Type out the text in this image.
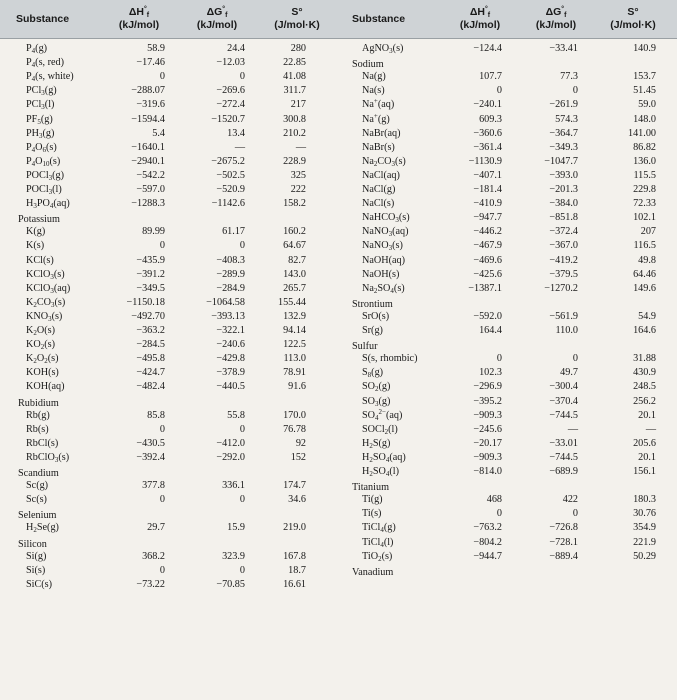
Substance
$\Delta H^\circ_f$
(kJ/mol)
$\Delta G^\circ_f$
(kJ/mol)
S°
(J/mol·K)
Substance
$\Delta H^\circ_f$
(kJ/mol)
$\Delta G^\circ_f$
(kJ/mol)
S°
(J/mol·K)
$P_4(g)$	58.9	24.4	280
$P_4(s$, red)	−17.46	−12.03	22.85
$P_4(s$, white)	0	0	41.08
PCl$_3$(g)	−288.07	−269.6	311.7
PCl$_3$(l)	−319.6	−272.4	217
$PF_5(g)$	−1594.4	−1520.7	300.8
$PH_3(g)$	5.4	13.4	210.2
$P_4O_6(s)$	−1640.1	—	—
$P_4O_{10}(s)$	−2940.1	−2675.2	228.9
POCl$_3$(g)	−542.2	−502.5	325
POCl$_3$(l)	−597.0	−520.9	222
$H_3PO_4(aq)$	−1288.3	−1142.6	158.2
Potassium
K(g)	89.99	61.17	160.2
K(s)	0	0	64.67
KCl(s)	−435.9	−408.3	82.7
KClO$_3$(s)	−391.2	−289.9	143.0
KClO$_3$(aq)	−349.5	−284.9	265.7
$K_2CO_3(s)$	−1150.18	−1064.58	155.44
$KNO_3(s)$	−492.70	−393.13	132.9
$K_2O(s)$	−363.2	−322.1	94.14
$KO_2(s)$	−284.5	−240.6	122.5
$K_2O_2(s)$	−495.8	−429.8	113.0
KOH(s)	−424.7	−378.9	78.91
KOH(aq)	−482.4	−440.5	91.6
Rubidium
Rb(g)	85.8	55.8	170.0
Rb(s)	0	0	76.78
RbCl(s)	−430.5	−412.0	92
RbClO$_3$(s)	−392.4	−292.0	152
Scandium
Sc(g)	377.8	336.1	174.7
Sc(s)	0	0	34.6
Selenium
$H_2Se(g)$	29.7	15.9	219.0
Silicon
Si(g)	368.2	323.9	167.8
Si(s)	0	0	18.7
SiC(s)	−73.22	−70.85	16.61
AgNO$_3$(s)	−124.4	−33.41	140.9
Sodium
Na(g)	107.7	77.3	153.7
Na(s)	0	0	51.45
Na+(aq)	−240.1	−261.9	59.0
Na+(g)	609.3	574.3	148.0
NaBr(aq)	−360.6	−364.7	141.00
NaBr(s)	−361.4	−349.3	86.82
$Na_2CO_3(s)$	−1130.9	−1047.7	136.0
NaCl(aq)	−407.1	−393.0	115.5
NaCl(g)	−181.4	−201.3	229.8
NaCl(s)	−410.9	−384.0	72.33
NaHCO$_3$(s)	−947.7	−851.8	102.1
NaNO$_3$(aq)	−446.2	−372.4	207
NaNO$_3$(s)	−467.9	−367.0	116.5
NaOH(aq)	−469.6	−419.2	49.8
NaOH(s)	−425.6	−379.5	64.46
$Na_2SO_4(s)$	−1387.1	−1270.2	149.6
Strontium
SrO(s)	−592.0	−561.9	54.9
Sr(g)	164.4	110.0	164.6
Sulfur
S(s, rhombic)	0	0	31.88
$S_8(g)$	102.3	49.7	430.9
$SO_2(g)$	−296.9	−300.4	248.5
$SO_3(g)$	−395.2	−370.4	256.2
$SO_4^{2-}(aq)$	−909.3	−744.5	20.1
SOCl$_2$(l)	−245.6	—	—
$H_2S(g)$	−20.17	−33.01	205.6
$H_2SO_4(aq)$	−909.3	−744.5	20.1
$H_2SO_4(l)$	−814.0	−689.9	156.1
Titanium
Ti(g)	468	422	180.3
Ti(s)	0	0	30.76
TiCl$_4$(g)	−763.2	−726.8	354.9
TiCl$_4$(l)	−804.2	−728.1	221.9
TiO$_2$(s)	−944.7	−889.4	50.29
Vanadium
